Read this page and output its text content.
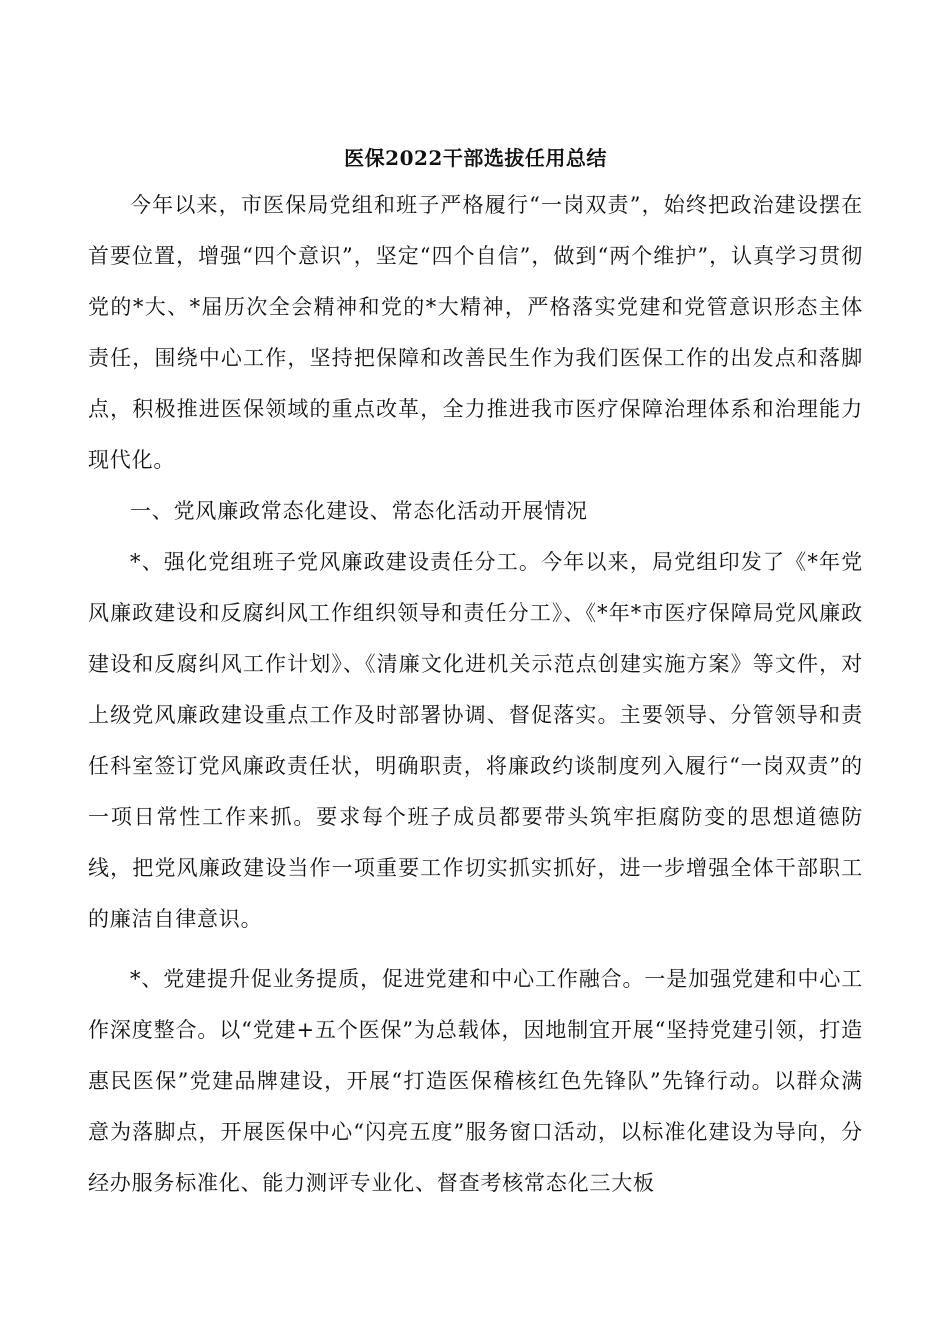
医保2022干部选拔任用总结

今年以来，市医保局党组和班子严格履行“一岗双责”，始终把政治建设摆在首要位置，增强“四个意识”，坚定“四个自信”，做到“两个维护”，认真学习贯彻党的*大、*届历次全会精神和党的*大精神，严格落实党建和党管意识形态主体责任，围绕中心工作，坚持把保障和改善民生作为我们医保工作的出发点和落脚点，积极推进医保领域的重点改革，全力推进我市医疗保障治理体系和治理能力现代化。

一、党风廉政常态化建设、常态化活动开展情况

*、强化党组班子党风廉政建设责任分工。今年以来，局党组印发了《*年党风廉政建设和反腐纠风工作组织领导和责任分工》、《*年*市医疗保障局党风廉政建设和反腐纠风工作计划》、《清廉文化进机关示范点创建实施方案》等文件，对上级党风廉政建设重点工作及时部署协调、督促落实。主要领导、分管领导和责任科室签订党风廉政责任状，明确职责，将廉政约谈制度列入履行“一岗双责”的一项日常性工作来抓。要求每个班子成员都要带头筑牢拒腐防变的思想道德防线，把党风廉政建设当作一项重要工作切实抓实抓好，进一步增强全体干部职工的廉洁自律意识。

*、党建提升促业务提质，促进党建和中心工作融合。一是加强党建和中心工作深度整合。以“党建+五个医保”为总载体，因地制宜开展“坚持党建引领，打造惠民医保”党建品牌建设，开展“打造医保稽核红色先锋队”先锋行动。以群众满意为落脚点，开展医保中心“闪亮五度”服务窗口活动，以标准化建设为导向，分经办服务标准化、能力测评专业化、督查考核常态化三大板
